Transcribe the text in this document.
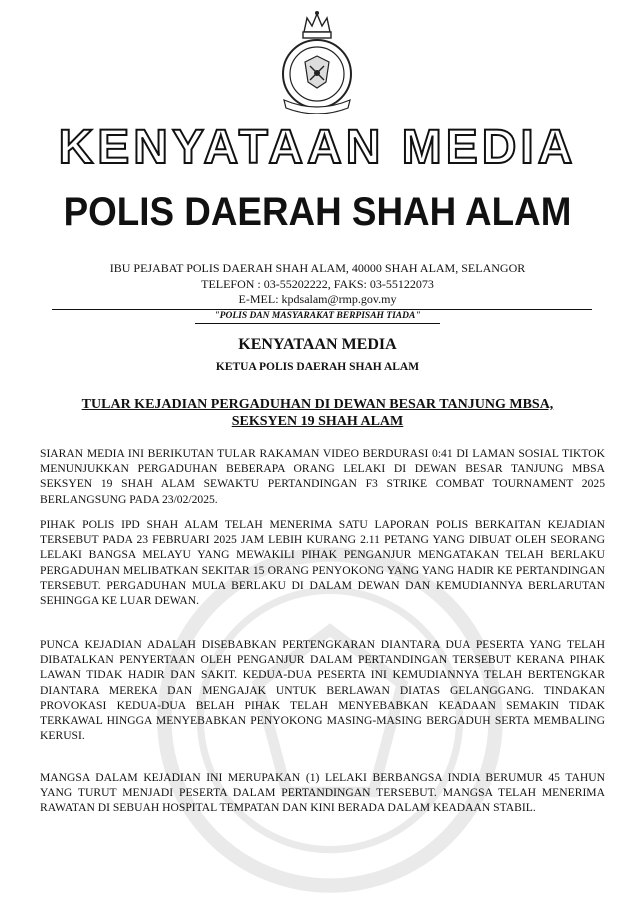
KENYATAAN MEDIA
POLIS DAERAH SHAH ALAM
IBU PEJABAT POLIS DAERAH SHAH ALAM, 40000 SHAH ALAM, SELANGOR
TELEFON : 03-55202222, FAKS: 03-55122073
E-MEL: kpdsalam@rmp.gov.my
"POLIS DAN MASYARAKAT BERPISAH TIADA"
KENYATAAN MEDIA
KETUA POLIS DAERAH SHAH ALAM
TULAR KEJADIAN PERGADUHAN DI DEWAN BESAR TANJUNG MBSA,
SEKSYEN 19 SHAH ALAM
SIARAN MEDIA INI BERIKUTAN TULAR RAKAMAN VIDEO BERDURASI 0:41 DI LAMAN SOSIAL TIKTOK MENUNJUKKAN PERGADUHAN BEBERAPA ORANG LELAKI DI DEWAN BESAR TANJUNG MBSA SEKSYEN 19 SHAH ALAM SEWAKTU PERTANDINGAN F3 STRIKE COMBAT TOURNAMENT 2025 BERLANGSUNG PADA 23/02/2025.
PIHAK POLIS IPD SHAH ALAM TELAH MENERIMA SATU LAPORAN POLIS BERKAITAN KEJADIAN TERSEBUT PADA 23 FEBRUARI 2025 JAM LEBIH KURANG 2.11 PETANG YANG DIBUAT OLEH SEORANG LELAKI BANGSA MELAYU YANG MEWAKILI PIHAK PENGANJUR MENGATAKAN TELAH BERLAKU PERGADUHAN MELIBATKAN SEKITAR 15 ORANG PENYOKONG YANG YANG HADIR KE PERTANDINGAN TERSEBUT. PERGADUHAN MULA BERLAKU DI DALAM DEWAN DAN KEMUDIANNYA BERLARUTAN SEHINGGA KE LUAR DEWAN.
PUNCA KEJADIAN ADALAH DISEBABKAN PERTENGKARAN DIANTARA DUA PESERTA YANG TELAH DIBATALKAN PENYERTAAN OLEH PENGANJUR DALAM PERTANDINGAN TERSEBUT KERANA PIHAK LAWAN TIDAK HADIR DAN SAKIT. KEDUA-DUA PESERTA INI KEMUDIANNYA TELAH BERTENGKAR DIANTARA MEREKA DAN MENGAJAK UNTUK BERLAWAN DIATAS GELANGGANG. TINDAKAN PROVOKASI KEDUA-DUA BELAH PIHAK TELAH MENYEBABKAN KEADAAN SEMAKIN TIDAK TERKAWAL HINGGA MENYEBABKAN PENYOKONG MASING-MASING BERGADUH SERTA MEMBALING KERUSI.
MANGSA DALAM KEJADIAN INI MERUPAKAN (1) LELAKI BERBANGSA INDIA BERUMUR 45 TAHUN YANG TURUT MENJADI PESERTA DALAM PERTANDINGAN TERSEBUT. MANGSA TELAH MENERIMA RAWATAN DI SEBUAH HOSPITAL TEMPATAN DAN KINI BERADA DALAM KEADAAN STABIL.
